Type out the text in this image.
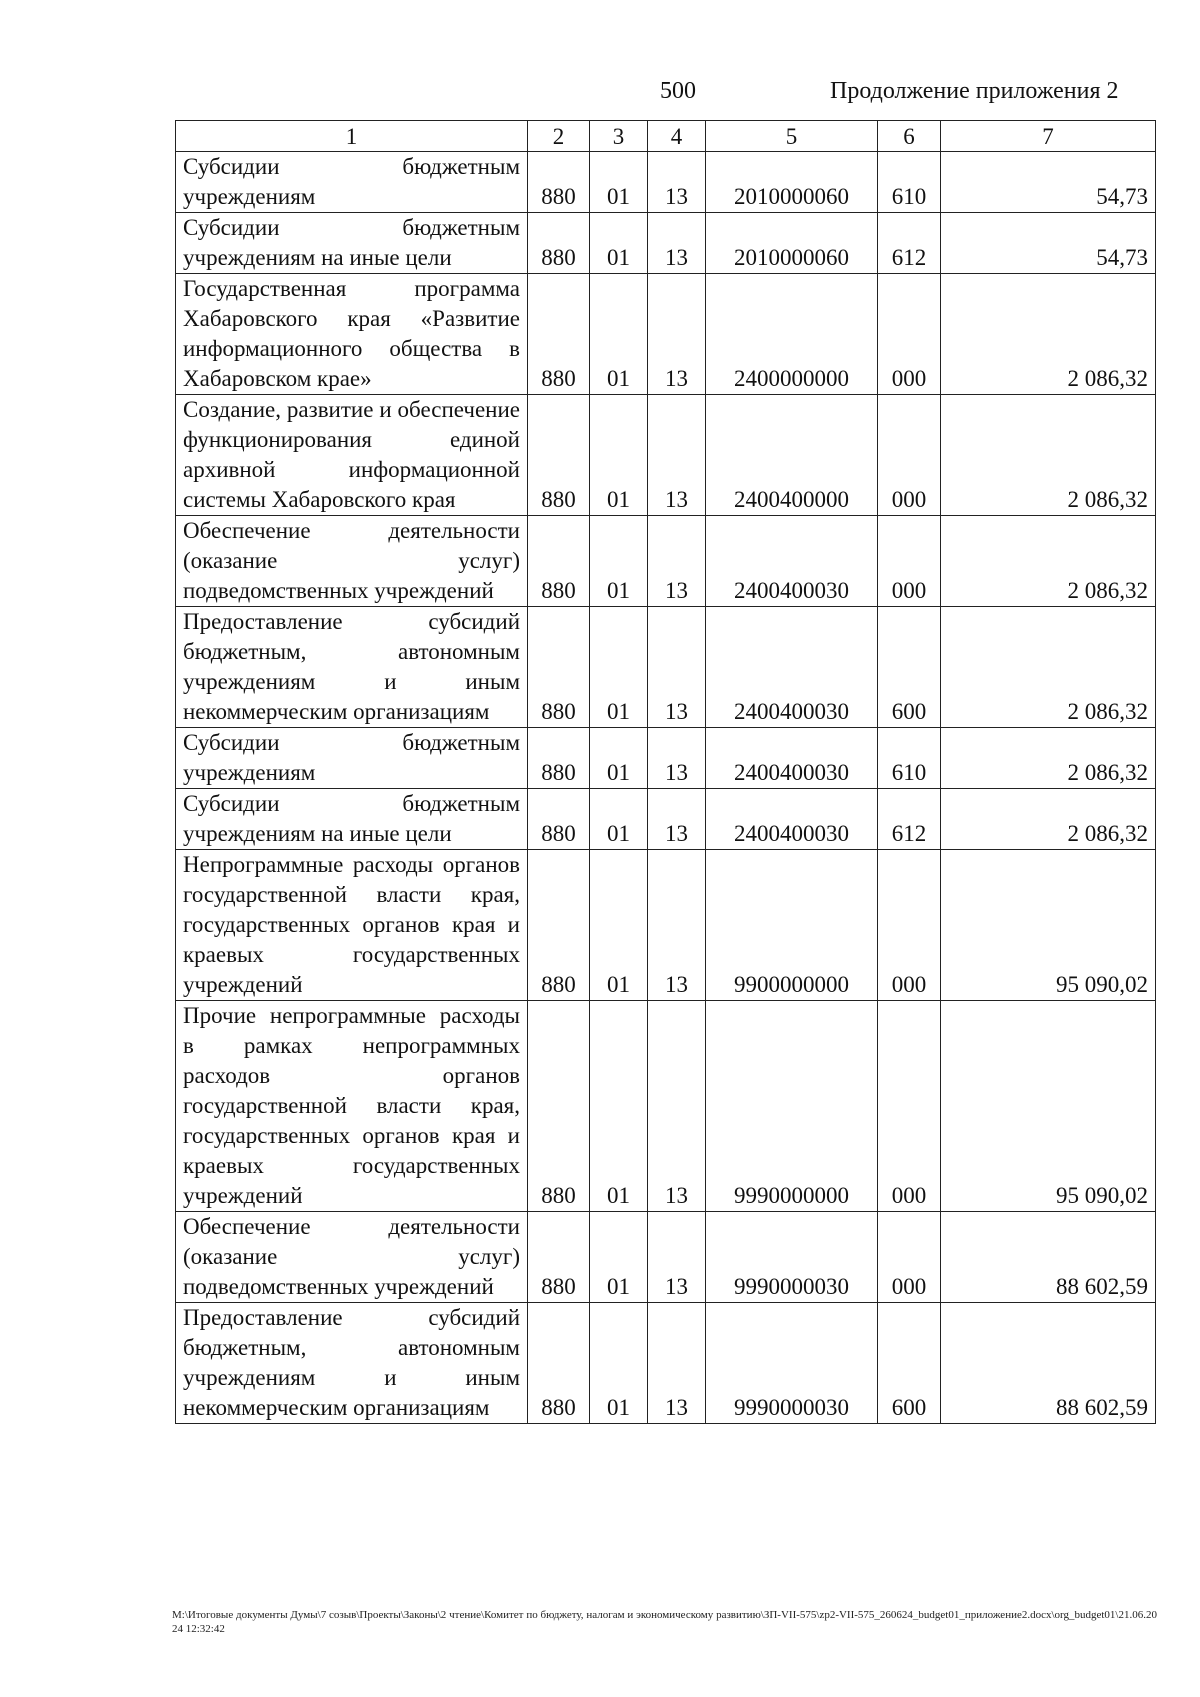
500	Продолжение приложения 2
1	2	3	4	5	6	7
Субсидии бюджетным учреждениям	880	01	13	2010000060	610	54,73
Субсидии бюджетным учреждениям на иные цели	880	01	13	2010000060	612	54,73
Государственная программа Хабаровского края «Развитие информационного общества в Хабаровском крае»	880	01	13	2400000000	000	2 086,32
Создание, развитие и обеспечение функционирования единой архивной информационной системы Хабаровского края	880	01	13	2400400000	000	2 086,32
Обеспечение деятельности (оказание услуг) подведомственных учреждений	880	01	13	2400400030	000	2 086,32
Предоставление субсидий бюджетным, автономным учреждениям и иным некоммерческим организациям	880	01	13	2400400030	600	2 086,32
Субсидии бюджетным учреждениям	880	01	13	2400400030	610	2 086,32
Субсидии бюджетным учреждениям на иные цели	880	01	13	2400400030	612	2 086,32
Непрограммные расходы органов государственной власти края, государственных органов края и краевых государственных учреждений	880	01	13	9900000000	000	95 090,02
Прочие непрограммные расходы в рамках непрограммных расходов органов государственной власти края, государственных органов края и краевых государственных учреждений	880	01	13	9990000000	000	95 090,02
Обеспечение деятельности (оказание услуг) подведомственных учреждений	880	01	13	9990000030	000	88 602,59
Предоставление субсидий бюджетным, автономным учреждениям и иным некоммерческим организациям	880	01	13	9990000030	600	88 602,59
M:\Итоговые документы Думы\7 созыв\Проекты\Законы\2 чтение\Комитет по бюджету, налогам и экономическому развитию\ЗП-VII-575\zp2-VII-575_260624_budget01_приложение2.docx\org_budget01\21.06.2024 12:32:42
